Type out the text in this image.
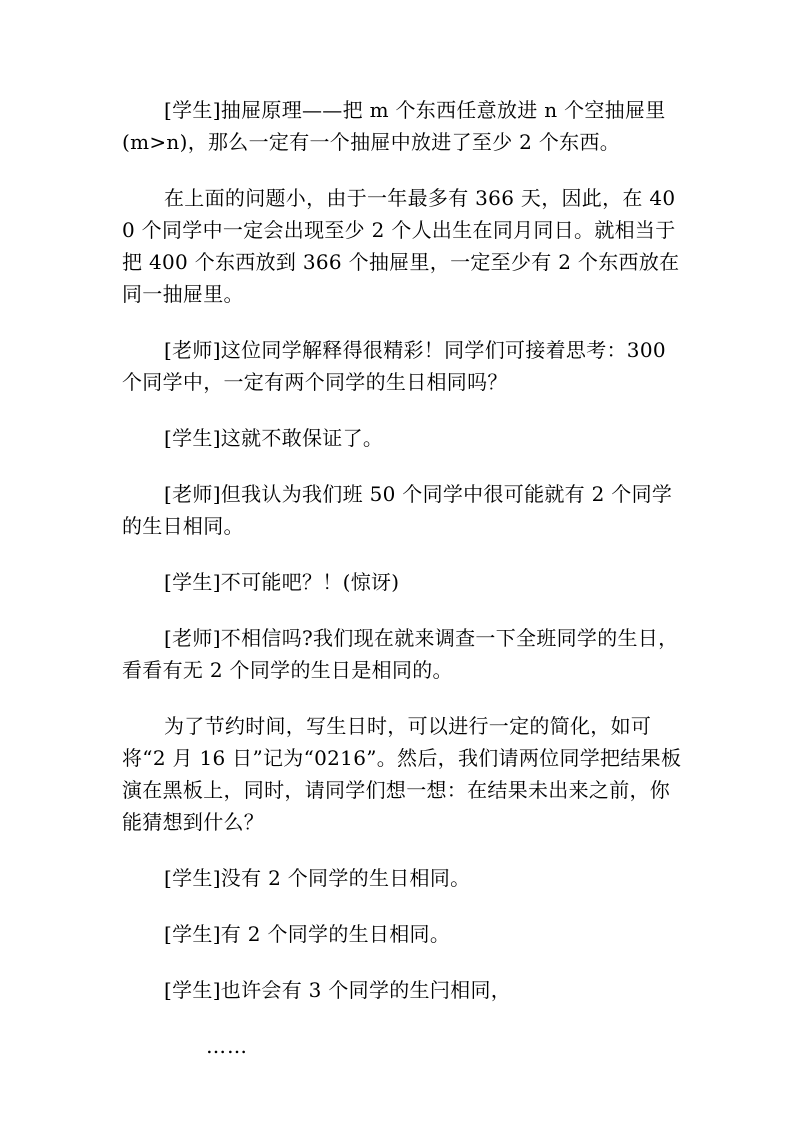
[学生]抽屉原理——把 m 个东西任意放进 n 个空抽屉里(m>n)，那么一定有一个抽屉中放进了至少 2 个东西。

在上面的问题小，由于一年最多有 366 天，因此，在 400 个同学中一定会出现至少 2 个人出生在同月同日。就相当于把 400 个东西放到 366 个抽屉里，一定至少有 2 个东西放在同一抽屉里。

[老师]这位同学解释得很精彩！同学们可接着思考：300 个同学中，一定有两个同学的生日相同吗？

[学生]这就不敢保证了。

[老师]但我认为我们班 50 个同学中很可能就有 2 个同学的生日相同。

[学生]不可能吧？！(惊讶)

[老师]不相信吗?我们现在就来调查一下全班同学的生日，看看有无 2 个同学的生日是相同的。

为了节约时间，写生日时，可以进行一定的简化，如可将“2 月 16 日”记为“0216”。然后，我们请两位同学把结果板演在黑板上，同时，请同学们想一想：在结果未出来之前，你能猜想到什么？

[学生]没有 2 个同学的生日相同。

[学生]有 2 个同学的生日相同。

[学生]也许会有 3 个同学的生闩相同，

……
